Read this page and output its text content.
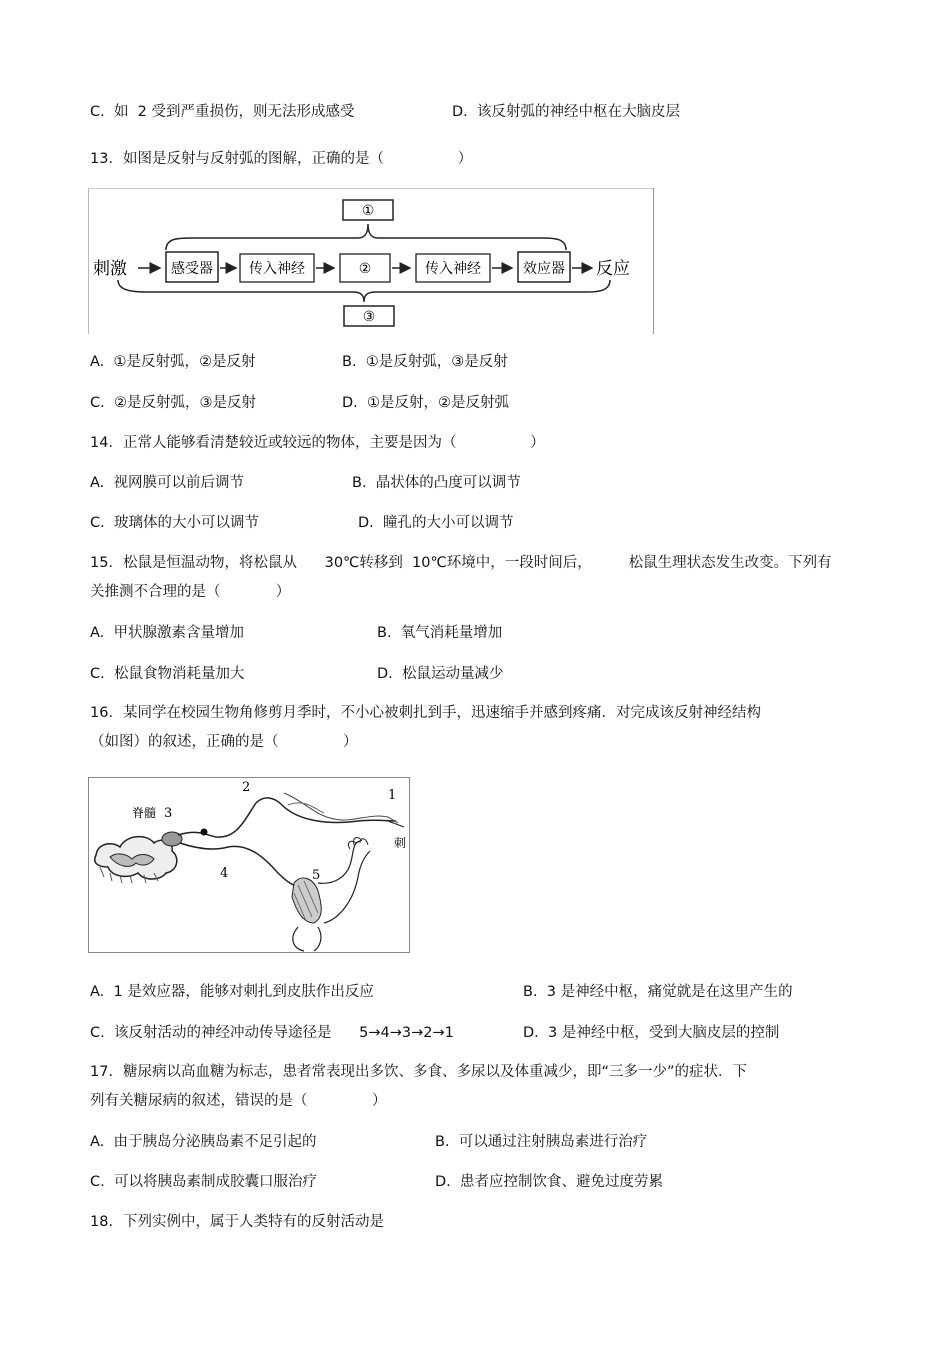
C.  如  2 受到严重损伤，则无法形成感受	D.  该反射弧的神经中枢在大脑皮层
13．如图是反射与反射弧的图解，正确的是（                ）
①
刺激	感受器	传入神经	②	传入神经	效应器 反应
③
A.  ①是反射弧，②是反射	B.  ①是反射弧，③是反射
C.  ②是反射弧，③是反射	D.  ①是反射，②是反射弧
14．正常人能够看清楚较近或较远的物体，主要是因为（                ）
A.  视网膜可以前后调节	B.  晶状体的凸度可以调节
C.  玻璃体的大小可以调节	D.  瞳孔的大小可以调节
15．松鼠是恒温动物，将松鼠从      30℃转移到  10℃环境中，一段时间后，        松鼠生理状态发生改变。下列有
关推测不合理的是（            ）
A.  甲状腺激素含量增加	B.  氧气消耗量增加
C.  松鼠食物消耗量加大	D.  松鼠运动量减少
16．某同学在校园生物角修剪月季时，不小心被刺扎到手，迅速缩手并感到疼痛．对完成该反射神经结构
（如图）的叙述，正确的是（              ）
脊髓 3
2
1
刺
4	5
A.  1 是效应器，能够对刺扎到皮肤作出反应	B.  3 是神经中枢，痛觉就是在这里产生的
C.  该反射活动的神经冲动传导途径是      5→4→3→2→1	D.  3 是神经中枢，受到大脑皮层的控制
17．糖尿病以高血糖为标志，患者常表现出多饮、多食、多尿以及体重减少，即“三多一少”的症状．下
列有关糖尿病的叙述，错误的是（              ）
A.  由于胰岛分泌胰岛素不足引起的	B.  可以通过注射胰岛素进行治疗
C.  可以将胰岛素制成胶囊口服治疗	D.  患者应控制饮食、避免过度劳累
18．下列实例中，属于人类特有的反射活动是
